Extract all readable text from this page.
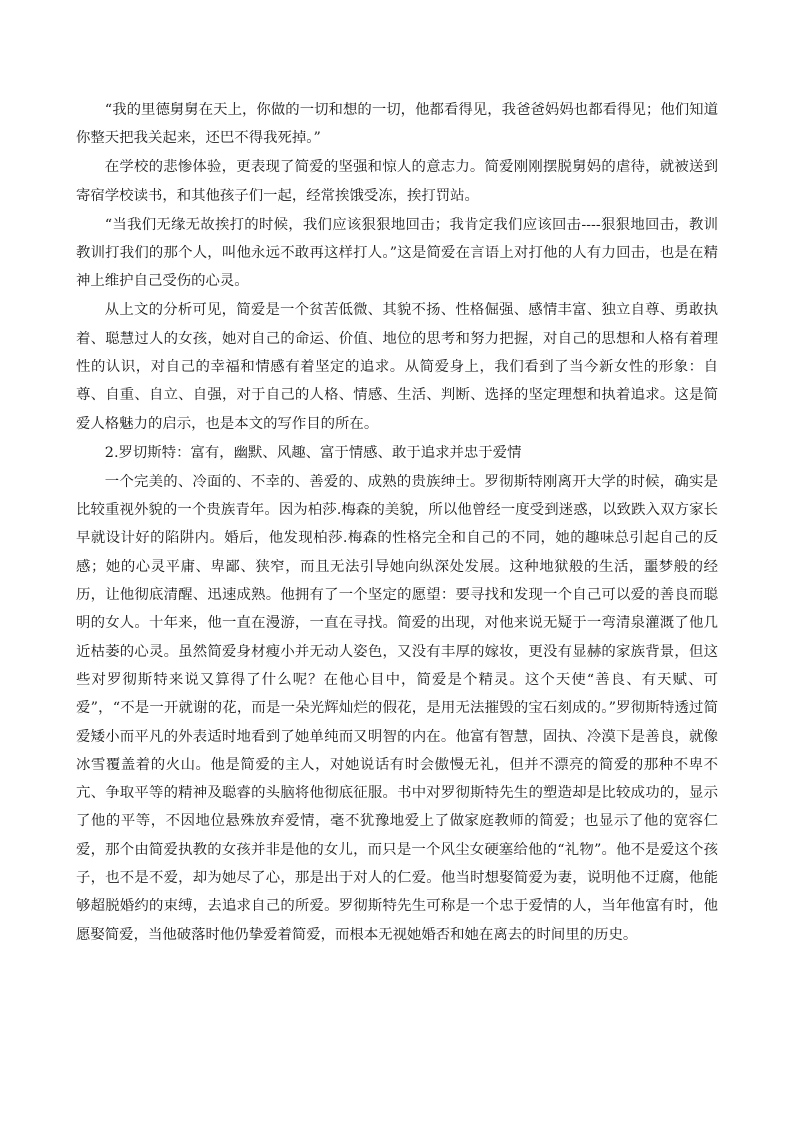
“我的里德舅舅在天上，你做的一切和想的一切，他都看得见，我爸爸妈妈也都看得见；他们知道你整天把我关起来，还巴不得我死掉。”

在学校的悲惨体验，更表现了简爱的坚强和惊人的意志力。简爱刚刚摆脱舅妈的虐待，就被送到寄宿学校读书，和其他孩子们一起，经常挨饿受冻，挨打罚站。

“当我们无缘无故挨打的时候，我们应该狠狠地回击；我肯定我们应该回击----狠狠地回击，教训教训打我们的那个人，叫他永远不敢再这样打人。”这是简爱在言语上对打他的人有力回击，也是在精神上维护自己受伤的心灵。

从上文的分析可见，简爱是一个贫苦低微、其貌不扬、性格倔强、感情丰富、独立自尊、勇敢执着、聪慧过人的女孩，她对自己的命运、价值、地位的思考和努力把握，对自己的思想和人格有着理性的认识，对自己的幸福和情感有着坚定的追求。从简爱身上，我们看到了当今新女性的形象：自尊、自重、自立、自强，对于自己的人格、情感、生活、判断、选择的坚定理想和执着追求。这是简爱人格魅力的启示，也是本文的写作目的所在。

2.罗切斯特：富有，幽默、风趣、富于情感、敢于追求并忠于爱情

一个完美的、冷面的、不幸的、善爱的、成熟的贵族绅士。罗彻斯特刚离开大学的时候，确实是比较重视外貌的一个贵族青年。因为柏莎.梅森的美貌，所以他曾经一度受到迷惑，以致跌入双方家长早就设计好的陷阱内。婚后，他发现柏莎.梅森的性格完全和自己的不同，她的趣味总引起自己的反感；她的心灵平庸、卑鄙、狭窄，而且无法引导她向纵深处发展。这种地狱般的生活，噩梦般的经历，让他彻底清醒、迅速成熟。他拥有了一个坚定的愿望：要寻找和发现一个自己可以爱的善良而聪明的女人。十年来，他一直在漫游，一直在寻找。简爱的出现，对他来说无疑于一弯清泉灌溉了他几近枯萎的心灵。虽然简爱身材瘦小并无动人姿色，又没有丰厚的嫁妆，更没有显赫的家族背景，但这些对罗彻斯特来说又算得了什么呢？在他心目中，简爱是个精灵。这个天使“善良、有天赋、可爱”，“不是一开就谢的花，而是一朵光辉灿烂的假花，是用无法摧毁的宝石刻成的。”罗彻斯特透过简爱矮小而平凡的外表适时地看到了她单纯而又明智的内在。他富有智慧，固执、冷漠下是善良，就像冰雪覆盖着的火山。他是简爱的主人，对她说话有时会傲慢无礼，但并不漂亮的简爱的那种不卑不亢、争取平等的精神及聪睿的头脑将他彻底征服。书中对罗彻斯特先生的塑造却是比较成功的，显示了他的平等，不因地位悬殊放弃爱情，毫不犹豫地爱上了做家庭教师的简爱；也显示了他的宽容仁爱，那个由简爱执教的女孩并非是他的女儿，而只是一个风尘女硬塞给他的“礼物”。他不是爱这个孩子，也不是不爱，却为她尽了心，那是出于对人的仁爱。他当时想娶简爱为妻，说明他不迂腐，他能够超脱婚约的束缚，去追求自己的所爱。罗彻斯特先生可称是一个忠于爱情的人，当年他富有时，他愿娶简爱，当他破落时他仍挚爱着简爱，而根本无视她婚否和她在离去的时间里的历史。
